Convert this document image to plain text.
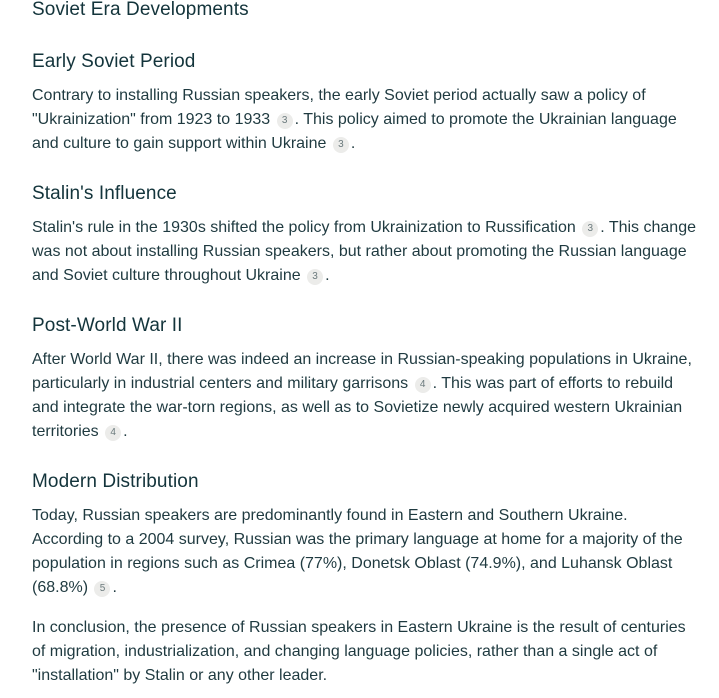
Soviet Era Developments
Early Soviet Period

Contrary to installing Russian speakers, the early Soviet period actually saw a policy of "Ukrainization" from 1923 to 1933 3 . This policy aimed to promote the Ukrainian language and culture to gain support within Ukraine 3 .

Stalin's Influence

Stalin's rule in the 1930s shifted the policy from Ukrainization to Russification 3 . This change was not about installing Russian speakers, but rather about promoting the Russian language and Soviet culture throughout Ukraine 3 .

Post-World War II

After World War II, there was indeed an increase in Russian-speaking populations in Ukraine, particularly in industrial centers and military garrisons 4 . This was part of efforts to rebuild and integrate the war-torn regions, as well as to Sovietize newly acquired western Ukrainian territories 4 .

Modern Distribution

Today, Russian speakers are predominantly found in Eastern and Southern Ukraine. According to a 2004 survey, Russian was the primary language at home for a majority of the population in regions such as Crimea (77%), Donetsk Oblast (74.9%), and Luhansk Oblast (68.8%) 5 .

In conclusion, the presence of Russian speakers in Eastern Ukraine is the result of centuries of migration, industrialization, and changing language policies, rather than a single act of "installation" by Stalin or any other leader.
